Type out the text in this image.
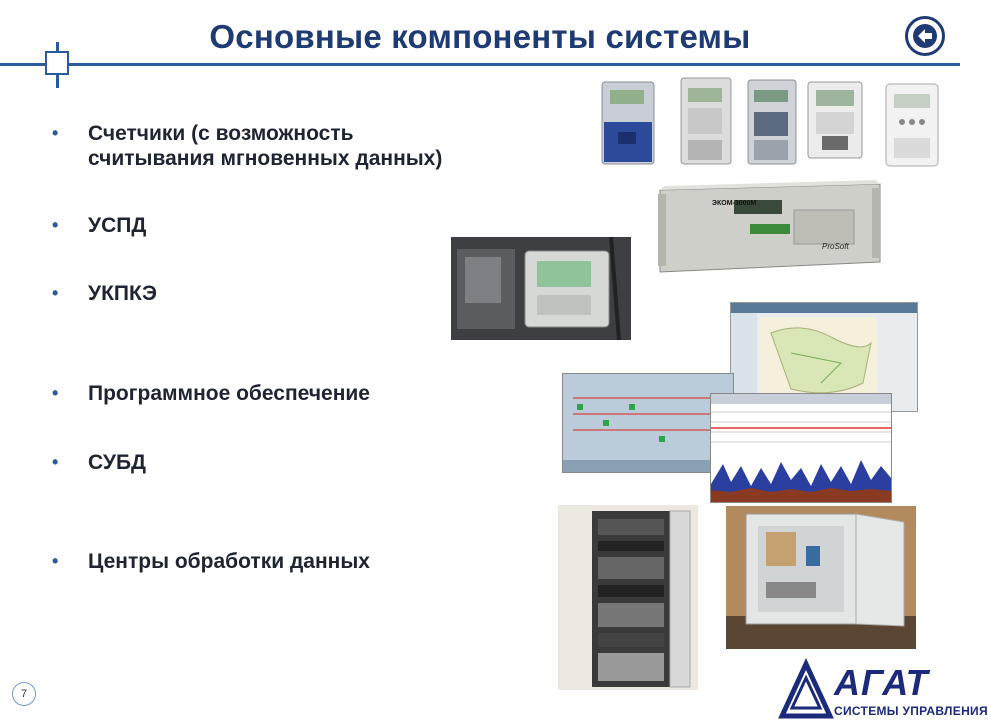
Основные компоненты системы
•	Счетчики (с возможность
считывания мгновенных данных)
•	УСПД
•	УКПКЭ
•	Программное обеспечение
•	СУБД
•	Центры обработки данных
ЭКОМ-3000М
ProSoft
7	АГАТ
СИСТЕМЫ УПРАВЛЕНИЯ
